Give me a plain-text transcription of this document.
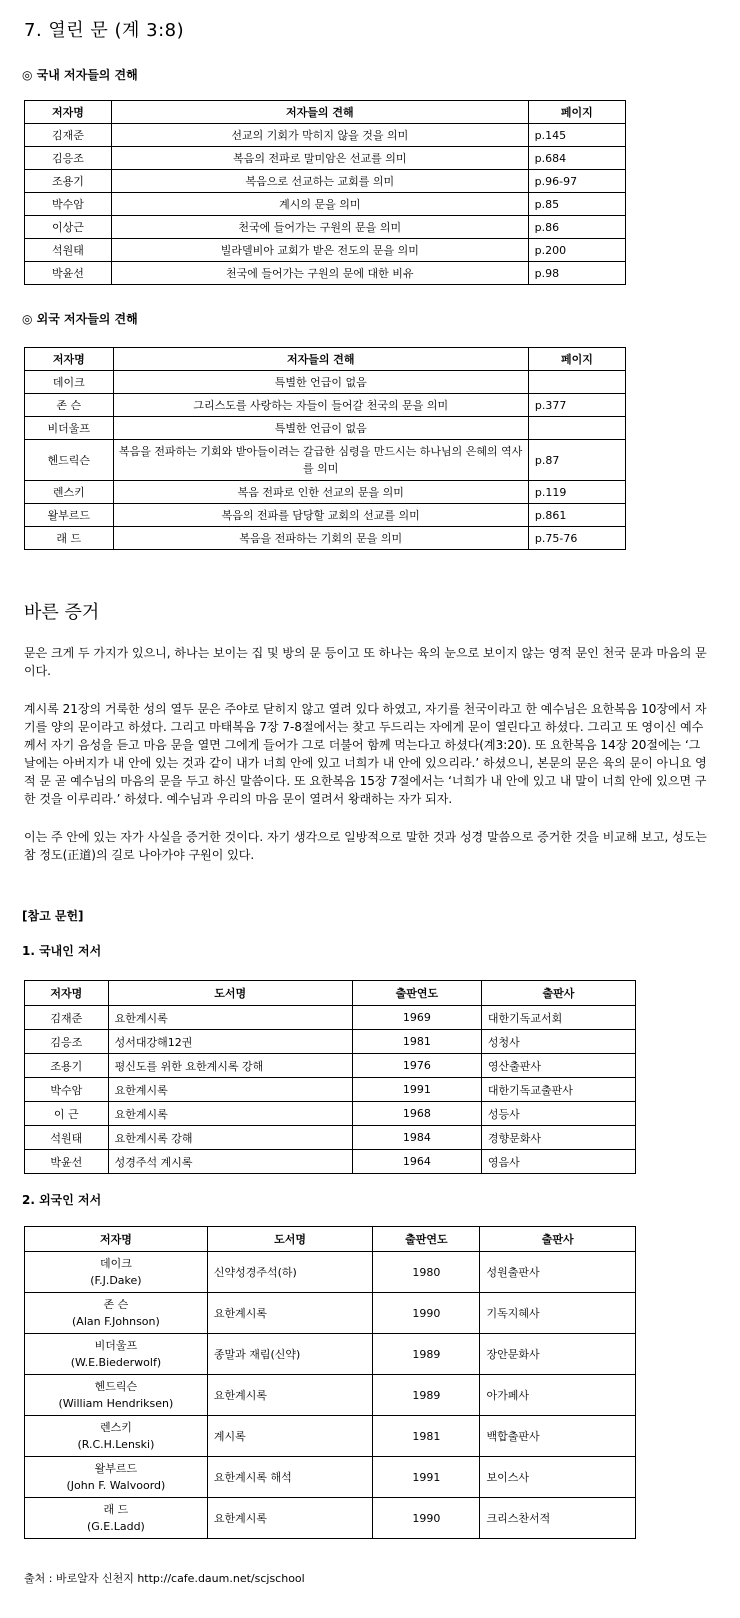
7. 열린 문 (계 3:8)
◎ 국내 저자들의 견해
저자명	저자들의 견해	페이지
김재준	선교의 기회가 막히지 않을 것을 의미	p.145
김응조	복음의 전파로 말미암은 선교를 의미	p.684
조용기	복음으로 선교하는 교회를 의미	p.96-97
박수암	계시의 문을 의미	p.85
이상근	천국에 들어가는 구원의 문을 의미	p.86
석원태	빌라델비아 교회가 받은 전도의 문을 의미	p.200
박윤선	천국에 들어가는 구원의 문에 대한 비유	p.98
◎ 외국 저자들의 견해
저자명	저자들의 견해	페이지
데이크	특별한 언급이 없음	
존 슨	그리스도를 사랑하는 자들이 들어갈 천국의 문을 의미	p.377
비더울프	특별한 언급이 없음	
헨드릭슨	복음을 전파하는 기회와 받아들이려는 갈급한 심령을 만드시는 하나님의 은혜의 역사를 의미	p.87
렌스키	복음 전파로 인한 선교의 문을 의미	p.119
왈부르드	복음의 전파를 담당할 교회의 선교를 의미	p.861
래 드	복음을 전파하는 기회의 문을 의미	p.75-76
바른 증거
문은 크게 두 가지가 있으니, 하나는 보이는 집 및 방의 문 등이고 또 하나는 육의 눈으로 보이지 않는 영적 문인 천국 문과 마음의 문이다.
계시록 21장의 거룩한 성의 열두 문은 주야로 닫히지 않고 열려 있다 하였고, 자기를 천국이라고 한 예수님은 요한복음 10장에서 자기를 양의 문이라고 하셨다. 그리고 마태복음 7장 7-8절에서는 찾고 두드리는 자에게 문이 열린다고 하셨다. 그리고 또 영이신 예수께서 자기 음성을 듣고 마음 문을 열면 그에게 들어가 그로 더불어 함께 먹는다고 하셨다(계3:20). 또 요한복음 14장 20절에는 ‘그 날에는 아버지가 내 안에 있는 것과 같이 내가 너희 안에 있고 너희가 내 안에 있으리라.’ 하셨으니, 본문의 문은 육의 문이 아니요 영적 문 곧 예수님의 마음의 문을 두고 하신 말씀이다. 또 요한복음 15장 7절에서는 ‘너희가 내 안에 있고 내 말이 너희 안에 있으면 구한 것을 이루리라.’ 하셨다. 예수님과 우리의 마음 문이 열려서 왕래하는 자가 되자.
이는 주 안에 있는 자가 사실을 증거한 것이다. 자기 생각으로 일방적으로 말한 것과 성경 말씀으로 증거한 것을 비교해 보고, 성도는 참 정도(正道)의 길로 나아가야 구원이 있다.
[참고 문헌]
1. 국내인 저서
저자명	도서명	출판연도	출판사
김재준	요한계시록	1969	대한기독교서회
김응조	성서대강해12권	1981	성청사
조용기	평신도를 위한 요한계시록 강해	1976	영산출판사
박수암	요한계시록	1991	대한기독교출판사
이 근	요한계시록	1968	성등사
석원태	요한계시록 강해	1984	경향문화사
박윤선	성경주석 계시록	1964	영음사
2. 외국인 저서
저자명	도서명	출판연도	출판사

데이크
(F.J.Dake)	신약성경주석(하)	1980	성원출판사

존 슨
(Alan F.Johnson)	요한계시록	1990	기독지혜사

비더울프
(W.E.Biederwolf)	종말과 재림(신약)	1989	장안문화사

헨드릭슨
(William Hendriksen)	요한계시록	1989	아가페사

렌스키
(R.C.H.Lenski)	계시록	1981	백합출판사

왈부르드
(John F. Walvoord)	요한계시록 해석	1991	보이스사

래 드
(G.E.Ladd)	요한계시록	1990	크리스찬서적
출처 : 바로알자 신천지 http://cafe.daum.net/scjschool
